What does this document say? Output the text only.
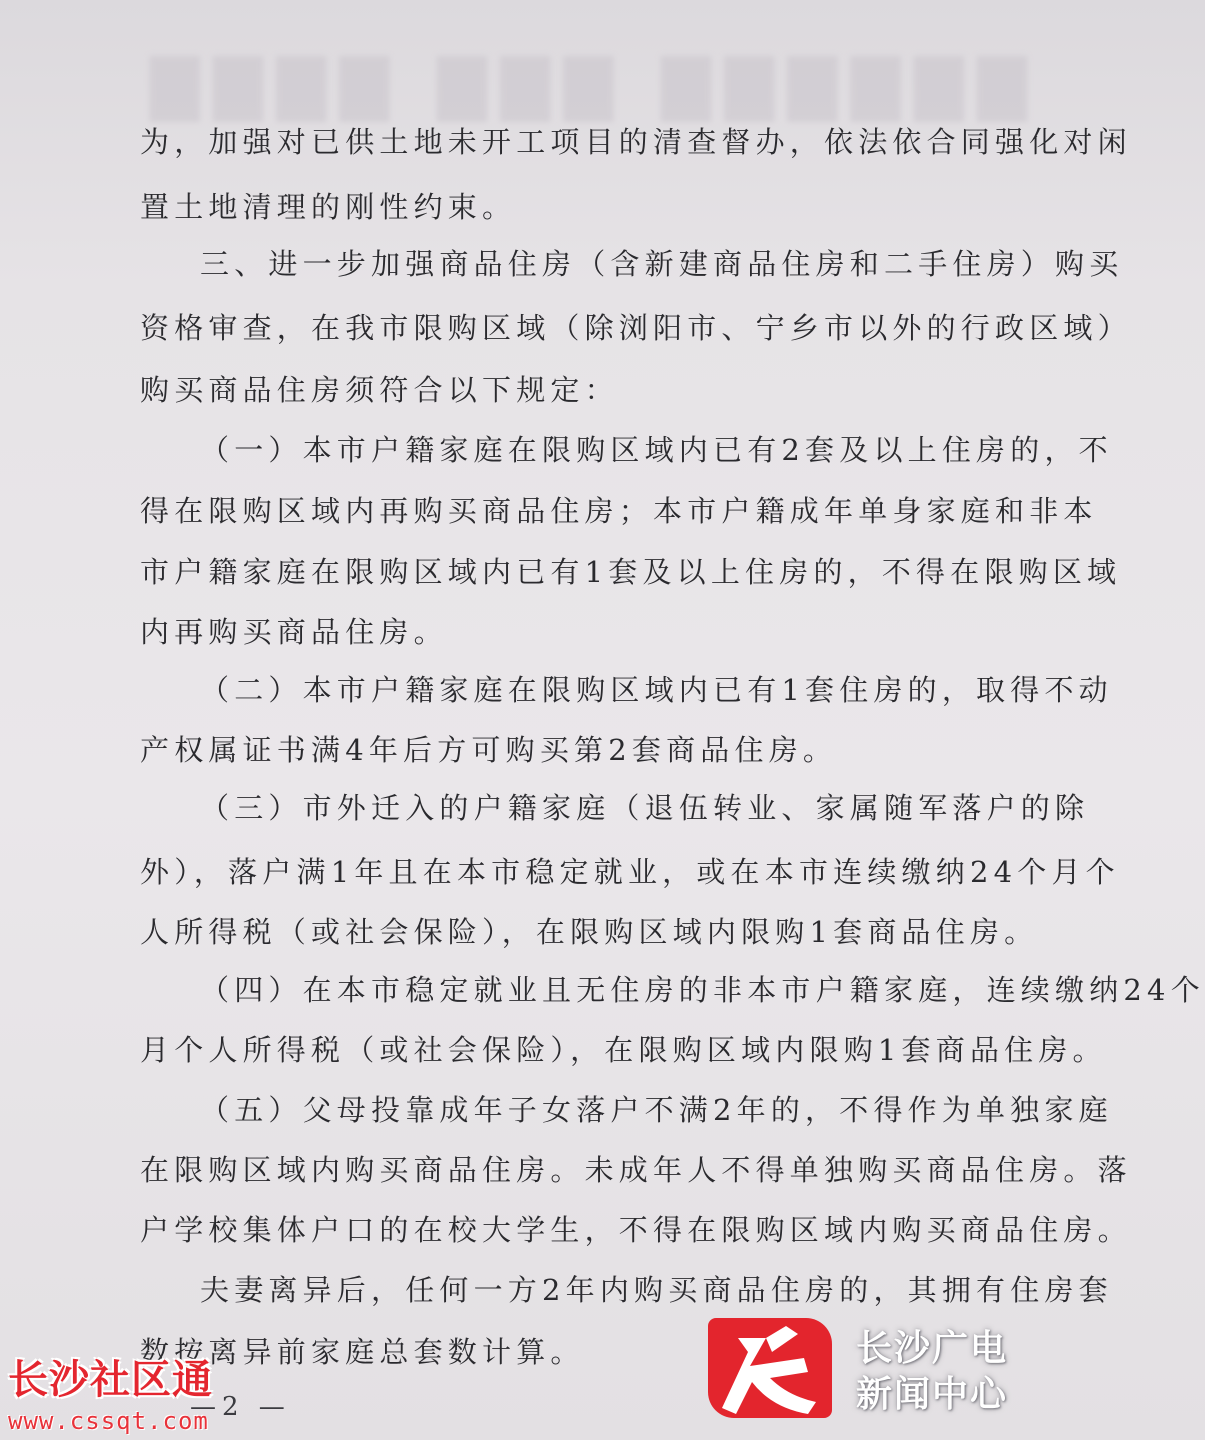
▇▇▇▇ ▇▇▇ ▇▇▇▇▇▇
为，加强对已供土地未开工项目的清查督办，依法依合同强化对闲
置土地清理的刚性约束。
三、进一步加强商品住房（含新建商品住房和二手住房）购买
资格审查，在我市限购区域（除浏阳市、宁乡市以外的行政区域）
购买商品住房须符合以下规定：
（一）本市户籍家庭在限购区域内已有2套及以上住房的，不
得在限购区域内再购买商品住房；本市户籍成年单身家庭和非本
市户籍家庭在限购区域内已有1套及以上住房的，不得在限购区域
内再购买商品住房。
（二）本市户籍家庭在限购区域内已有1套住房的，取得不动
产权属证书满4年后方可购买第2套商品住房。
（三）市外迁入的户籍家庭（退伍转业、家属随军落户的除
外），落户满1年且在本市稳定就业，或在本市连续缴纳24个月个
人所得税（或社会保险），在限购区域内限购1套商品住房。
（四）在本市稳定就业且无住房的非本市户籍家庭，连续缴纳24个
月个人所得税（或社会保险），在限购区域内限购1套商品住房。
（五）父母投靠成年子女落户不满2年的，不得作为单独家庭
在限购区域内购买商品住房。未成年人不得单独购买商品住房。落
户学校集体户口的在校大学生，不得在限购区域内购买商品住房。
夫妻离异后，任何一方2年内购买商品住房的，其拥有住房套
数按离异前家庭总套数计算。
—2 —
长沙社区通
www.cssqt.com
长沙广电
新闻中心
